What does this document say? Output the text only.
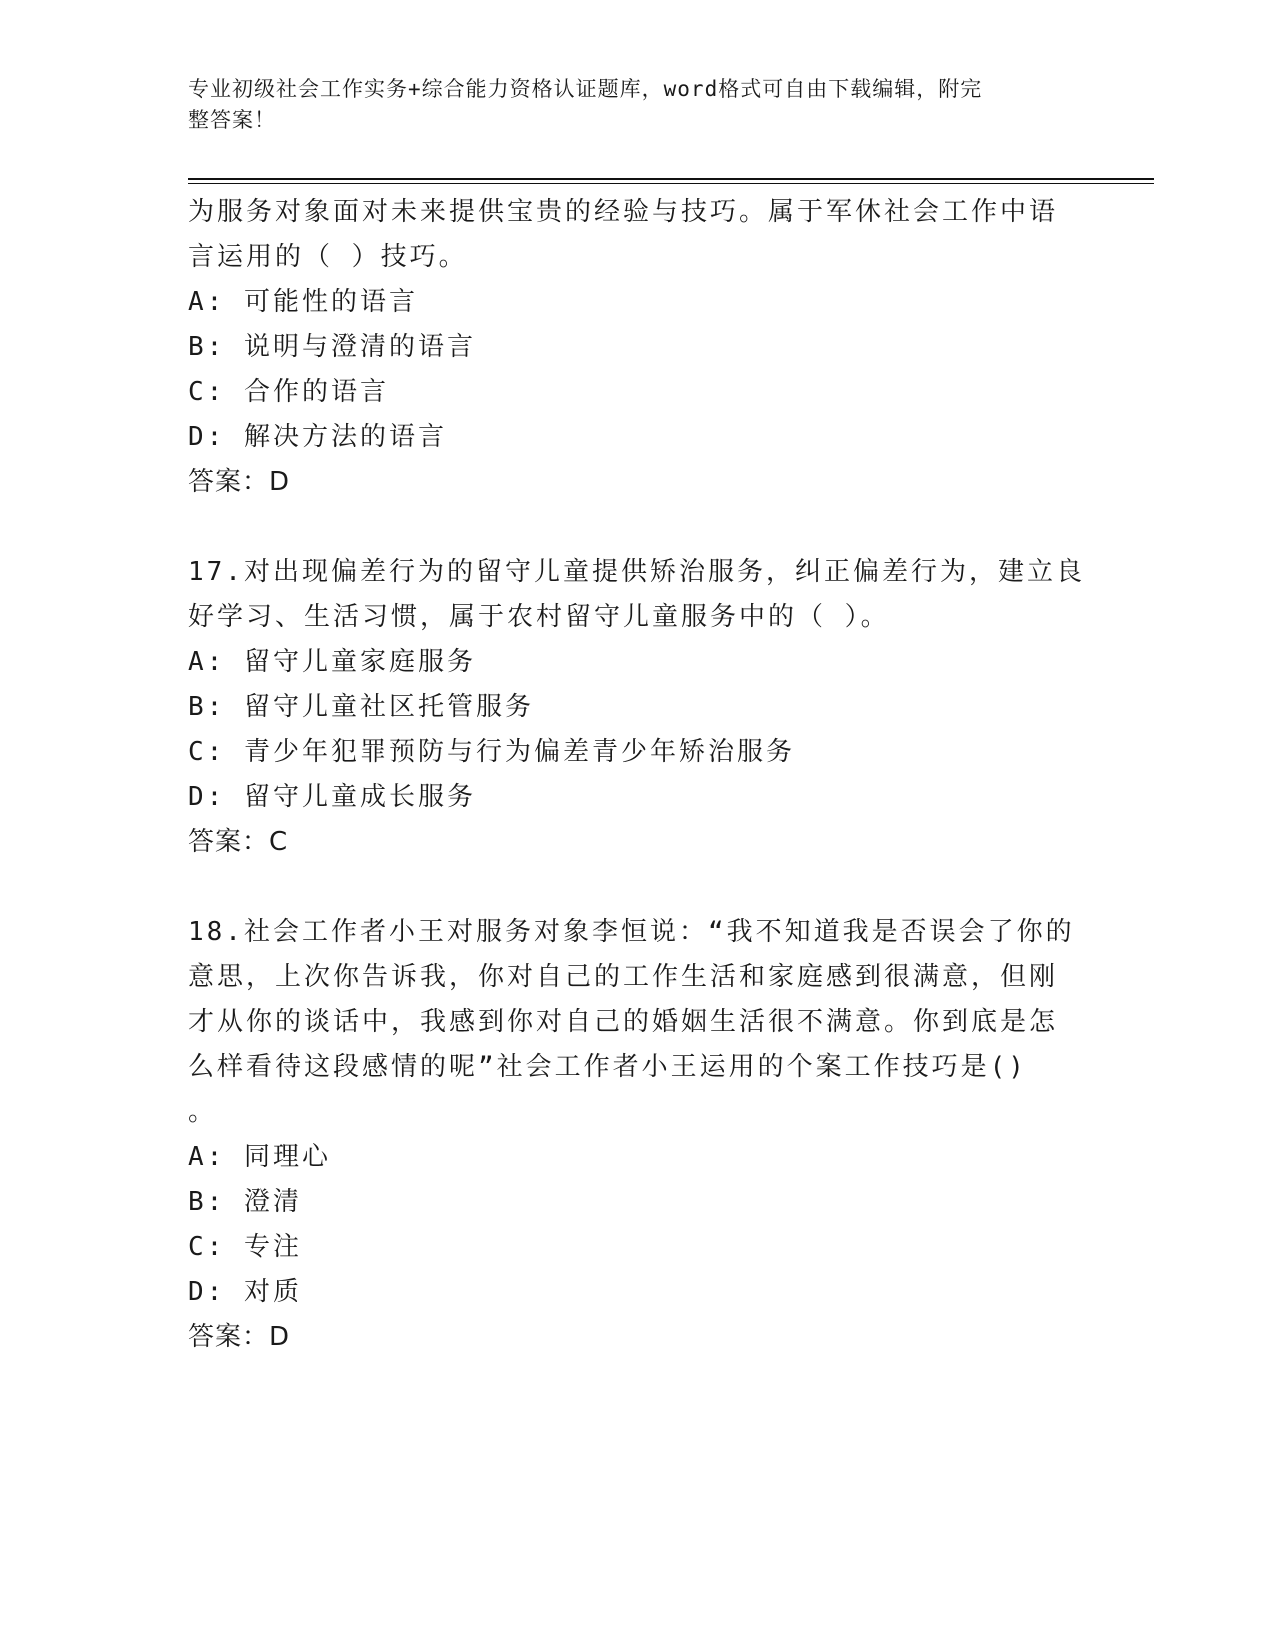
专业初级社会工作实务+综合能力资格认证题库，word格式可自由下载编辑，附完
整答案！
为服务对象面对未来提供宝贵的经验与技巧。属于军休社会工作中语
言运用的（ ）技巧。
A: 可能性的语言
B: 说明与澄清的语言
C: 合作的语言
D: 解决方法的语言
答案：D
17.对出现偏差行为的留守儿童提供矫治服务，纠正偏差行为，建立良
好学习、生活习惯，属于农村留守儿童服务中的（ ）。
A: 留守儿童家庭服务
B: 留守儿童社区托管服务
C: 青少年犯罪预防与行为偏差青少年矫治服务
D: 留守儿童成长服务
答案：C
18.社会工作者小王对服务对象李恒说：“我不知道我是否误会了你的
意思，上次你告诉我，你对自己的工作生活和家庭感到很满意，但刚
才从你的谈话中，我感到你对自己的婚姻生活很不满意。你到底是怎
么样看待这段感情的呢”社会工作者小王运用的个案工作技巧是()
。
A: 同理心
B: 澄清
C: 专注
D: 对质
答案：D
